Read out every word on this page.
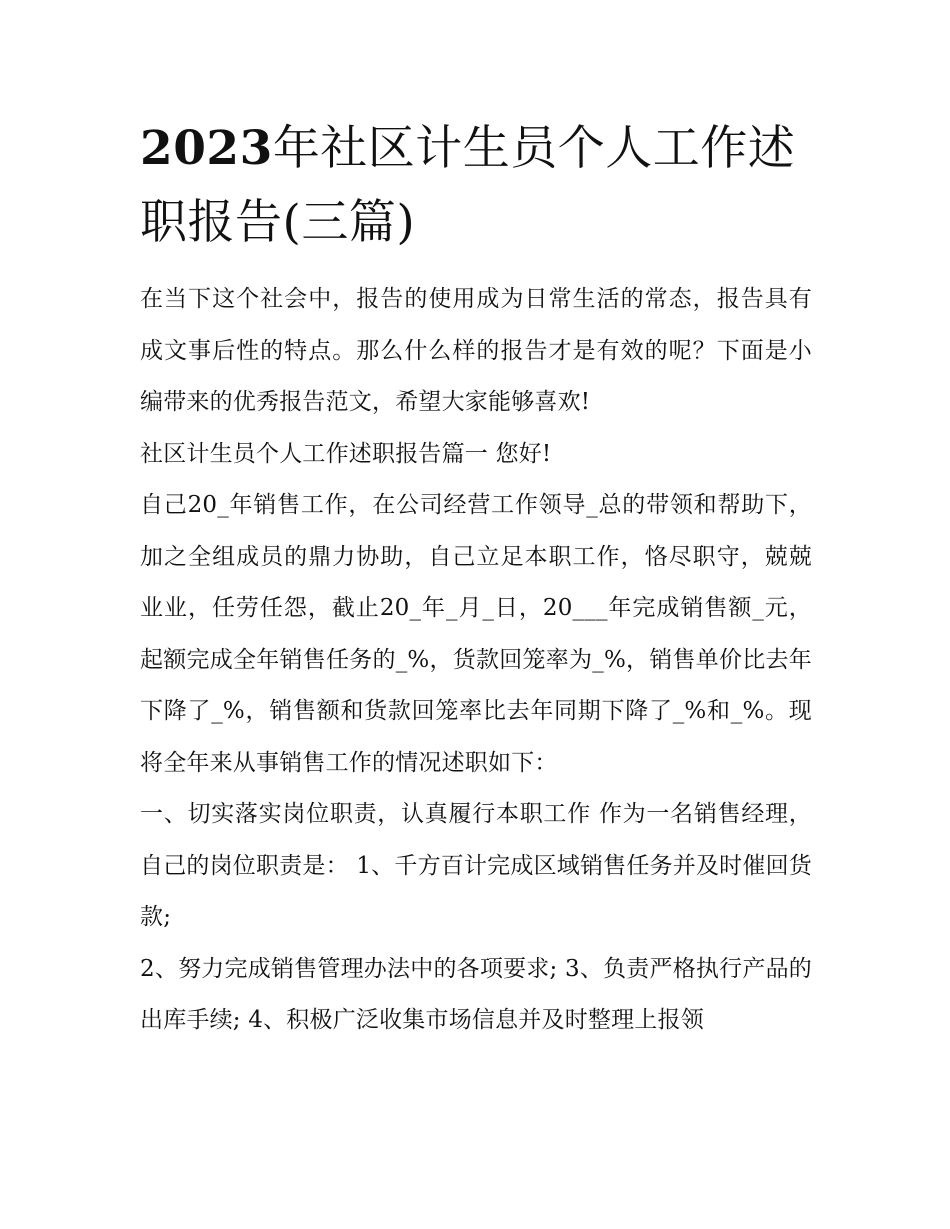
2023年社区计生员个人工作述职报告(三篇)

在当下这个社会中，报告的使用成为日常生活的常态，报告具有成文事后性的特点。那么什么样的报告才是有效的呢？下面是小编带来的优秀报告范文，希望大家能够喜欢!

社区计生员个人工作述职报告篇一 您好!

自己20_年销售工作，在公司经营工作领导_总的带领和帮助下，加之全组成员的鼎力协助，自己立足本职工作，恪尽职守，兢兢业业，任劳任怨，截止20_年_月_日，20___年完成销售额_元，起额完成全年销售任务的_%，货款回笼率为_%，销售单价比去年下降了_%，销售额和货款回笼率比去年同期下降了_%和_%。现将全年来从事销售工作的情况述职如下：

一、切实落实岗位职责，认真履行本职工作 作为一名销售经理，自己的岗位职责是： 1、千方百计完成区域销售任务并及时催回货款;

2、努力完成销售管理办法中的各项要求; 3、负责严格执行产品的出库手续; 4、积极广泛收集市场信息并及时整理上报领
